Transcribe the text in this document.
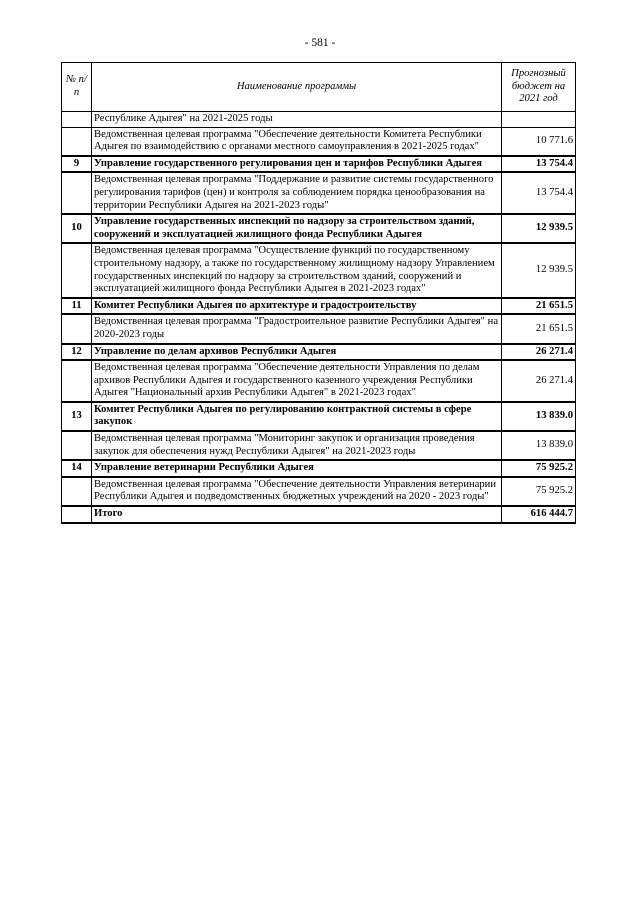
- 581 -
№ п/п	Наименование программы	Прогнозный бюджет на 2021 год
	Республике Адыгея" на 2021-2025 годы	
	Ведомственная целевая программа "Обеспечение деятельности Комитета Республики Адыгея по взаимодействию с органами местного самоуправления в 2021-2025 годах"	10 771.6
9	Управление государственного регулирования цен и тарифов Республики Адыгея	13 754.4
	Ведомственная целевая программа "Поддержание и развитие системы государственного регулирования тарифов (цен) и контроля за соблюдением порядка ценообразования на территории Республики Адыгея на 2021-2023 годы"	13 754.4
10	Управление государственных инспекций по надзору за строительством зданий, сооружений и эксплуатацией жилищного фонда Республики Адыгея	12 939.5
	Ведомственная целевая программа "Осуществление функций по государственному строительному надзору, а также по государственному жилищному надзору Управлением государственных инспекций по надзору за строительством зданий, сооружений и эксплуатацией жилищного фонда Республики Адыгея в 2021-2023 годах"	12 939.5
11	Комитет Республики Адыгея по архитектуре и градостроительству	21 651.5
	Ведомственная целевая программа "Градостроительное развитие Республики Адыгея" на 2020-2023 годы	21 651.5
12	Управление по делам архивов Республики Адыгея	26 271.4
	Ведомственная целевая программа "Обеспечение деятельности Управления по делам архивов Республики Адыгея и государственного казенного учреждения Республики Адыгея "Национальный архив Республики Адыгея" в 2021-2023 годах"	26 271.4
13	Комитет Республики Адыгея по регулированию контрактной системы в сфере закупок	13 839.0
	Ведомственная целевая программа "Мониторинг закупок и организация проведения закупок для обеспечения нужд Республики Адыгея" на 2021-2023 годы	13 839.0
14	Управление ветеринарии Республики Адыгея	75 925.2
	Ведомственная целевая программа "Обеспечение деятельности Управления ветеринарии Республики Адыгея и подведомственных бюджетных учреждений на 2020 - 2023 годы"	75 925.2
	Итого	616 444.7
